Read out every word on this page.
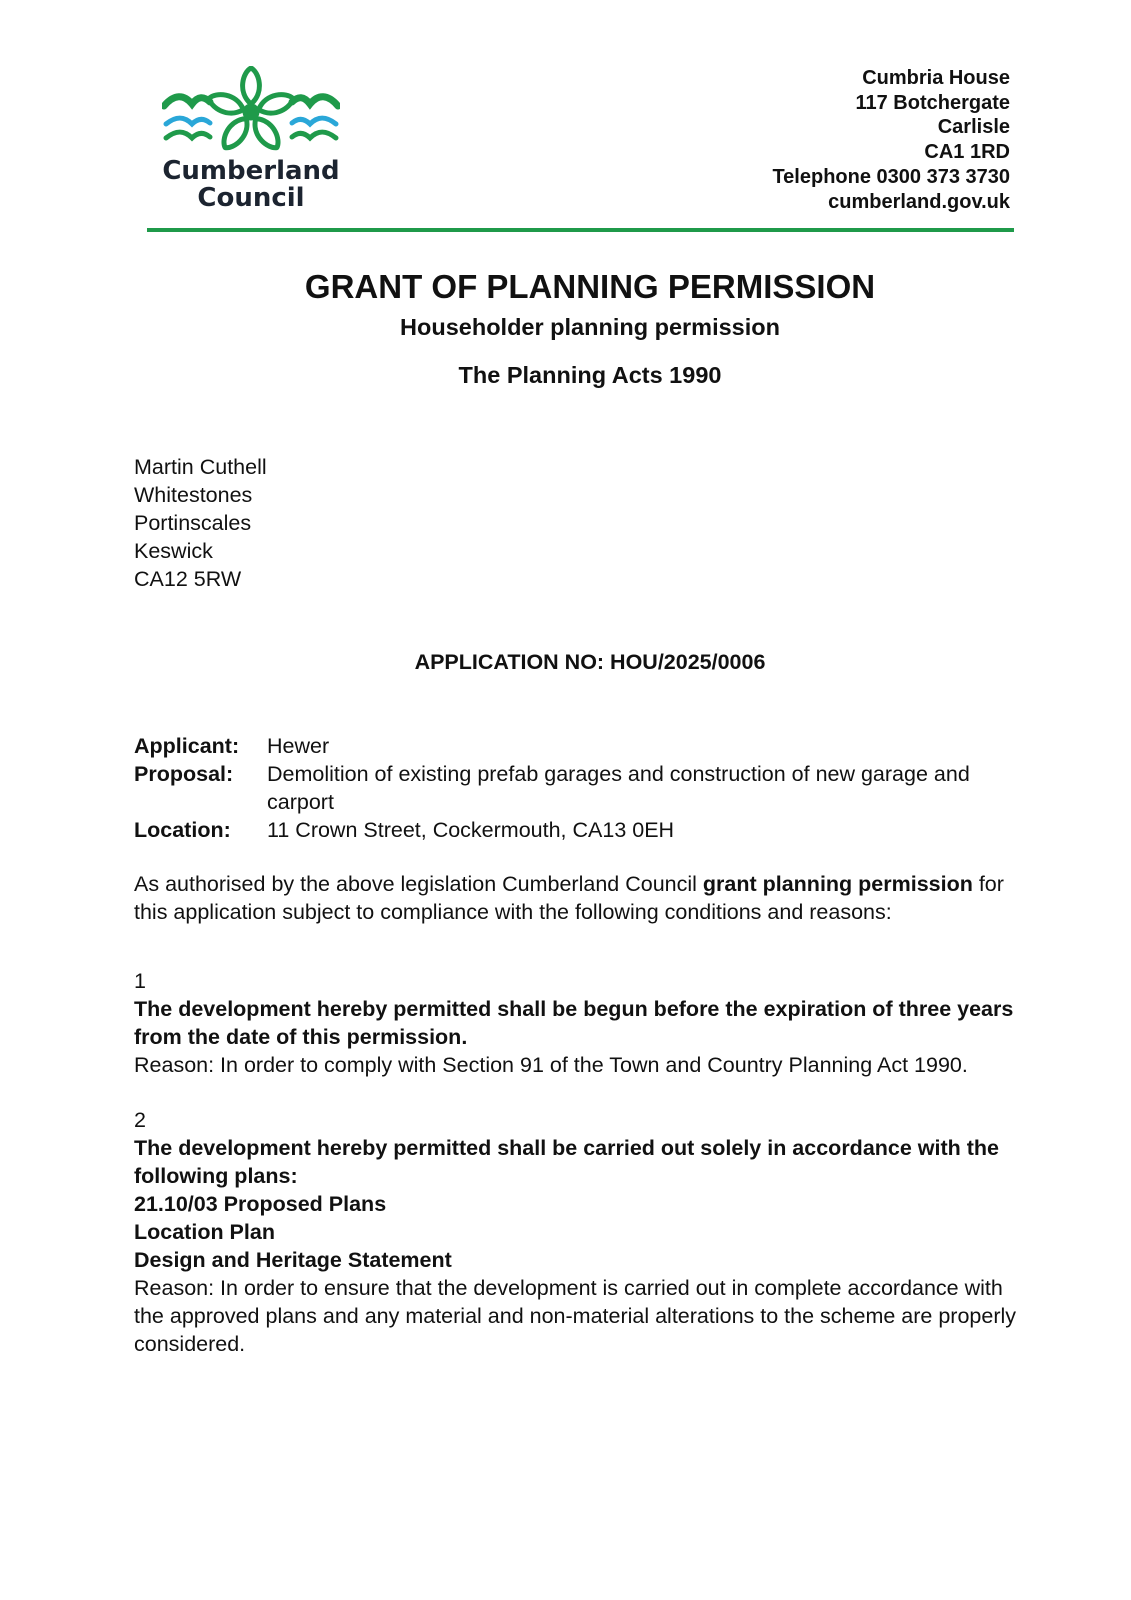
Cumberland
Council
Cumbria House
117 Botchergate
Carlisle
CA1 1RD
Telephone 0300 373 3730
cumberland.gov.uk
GRANT OF PLANNING PERMISSION
Householder planning permission
The Planning Acts 1990
Martin Cuthell
Whitestones
Portinscales
Keswick
CA12 5RW
APPLICATION NO: HOU/2025/0006
Applicant:	Hewer
Proposal:	Demolition of existing prefab garages and construction of new garage and carport
Location:	11 Crown Street, Cockermouth, CA13 0EH

As authorised by the above legislation Cumberland Council grant planning permission for this application subject to compliance with the following conditions and reasons:

1
The development hereby permitted shall be begun before the expiration of three years from the date of this permission.
Reason: In order to comply with Section 91 of the Town and Country Planning Act 1990.
2
The development hereby permitted shall be carried out solely in accordance with the following plans:
21.10/03 Proposed Plans
Location Plan
Design and Heritage Statement
Reason: In order to ensure that the development is carried out in complete accordance with the approved plans and any material and non-material alterations to the scheme are properly considered.
